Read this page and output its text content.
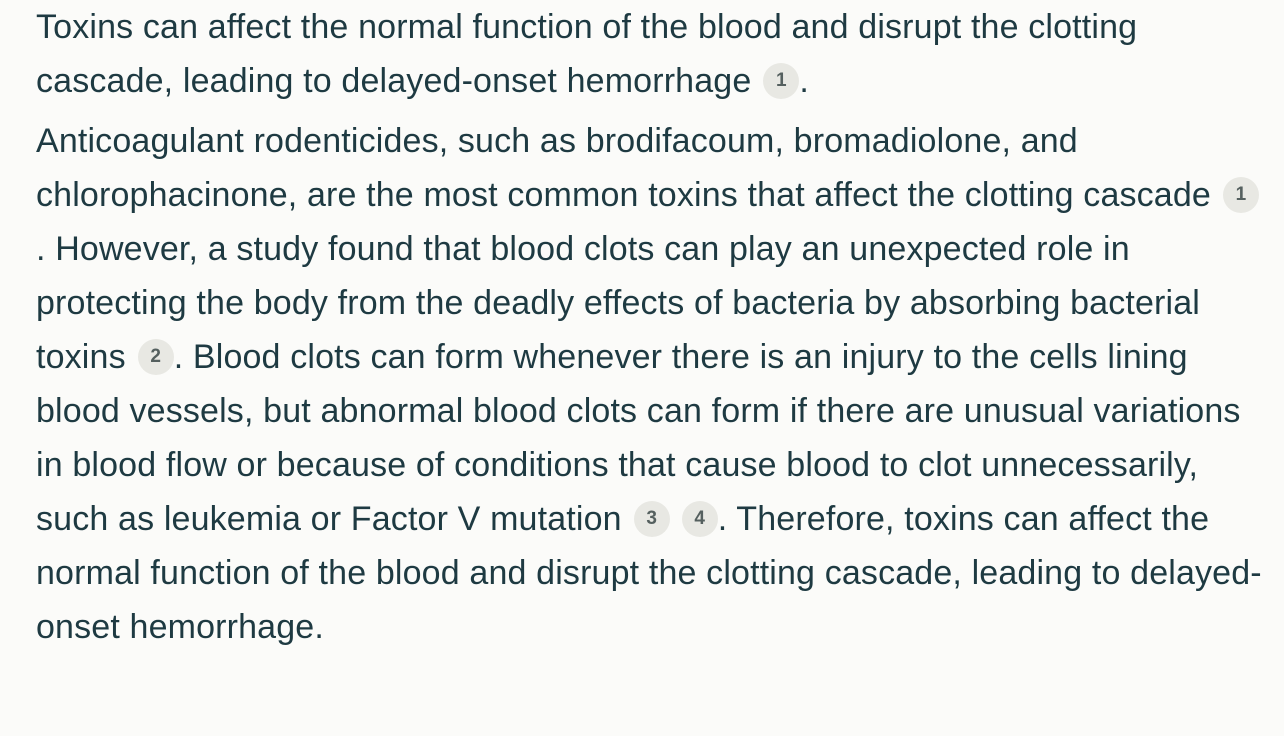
Toxins can affect the normal function of the blood and disrupt the clotting cascade, leading to delayed-onset hemorrhage 1 .

Anticoagulant rodenticides, such as brodifacoum, bromadiolone, and chlorophacinone, are the most common toxins that affect the clotting cascade 1. However, a study found that blood clots can play an unexpected role in protecting the body from the deadly effects of bacteria by absorbing bacterial toxins 2 . Blood clots can form whenever there is an injury to the cells lining blood vessels, but abnormal blood clots can form if there are unusual variations in blood flow or because of conditions that cause blood to clot unnecessarily, such as leukemia or Factor V mutation 3 4 . Therefore, toxins can affect the normal function of the blood and disrupt the clotting cascade, leading to delayed-onset hemorrhage.
